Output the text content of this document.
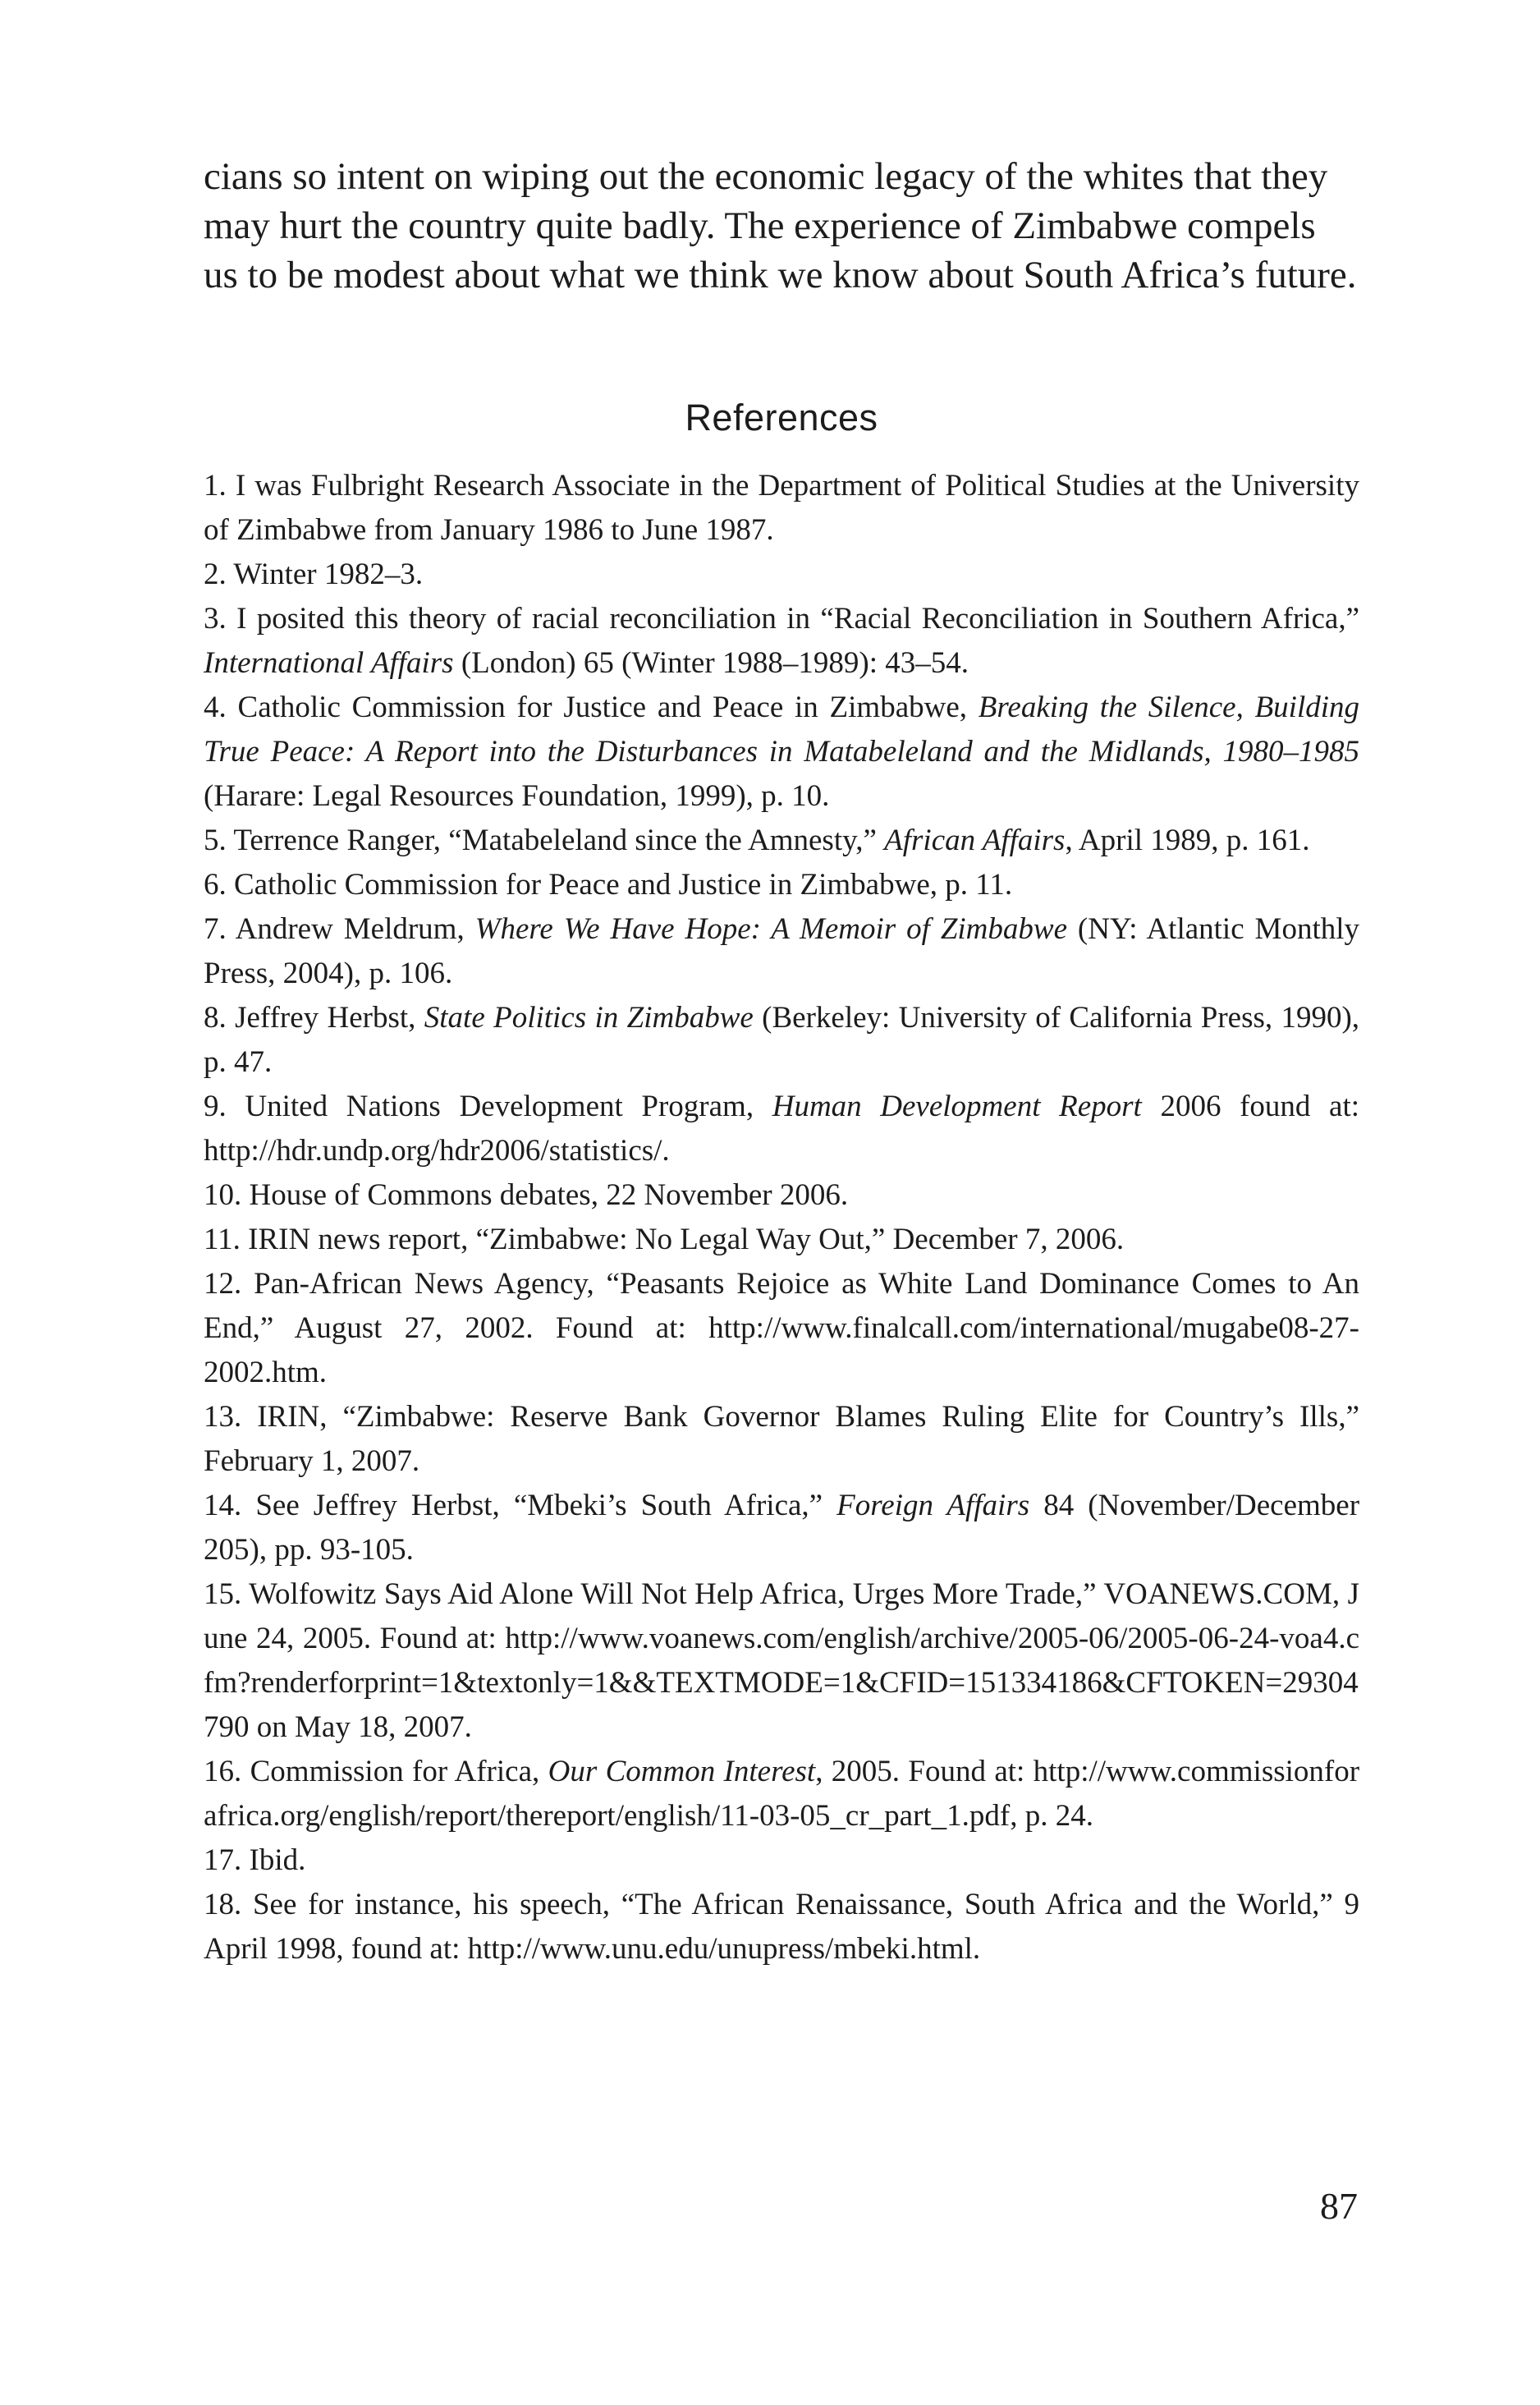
cians so intent on wiping out the economic legacy of the whites that they may hurt the country quite badly. The experience of Zimbabwe compels us to be modest about what we think we know about South Africa’s future.

References
1. I was Fulbright Research Associate in the Department of Political Studies at the University of Zimbabwe from January 1986 to June 1987.
2. Winter 1982–3.
3. I posited this theory of racial reconciliation in “Racial Reconciliation in Southern Africa,” International Affairs (London) 65 (Winter 1988–1989): 43–54.
4. Catholic Commission for Justice and Peace in Zimbabwe, Breaking the Silence, Building True Peace: A Report into the Disturbances in Matabeleland and the Midlands, 1980–1985 (Harare: Legal Resources Foundation, 1999), p. 10.
5. Terrence Ranger, “Matabeleland since the Amnesty,” African Affairs, April 1989, p. 161.
6. Catholic Commission for Peace and Justice in Zimbabwe, p. 11.
7. Andrew Meldrum, Where We Have Hope: A Memoir of Zimbabwe (NY: Atlantic Monthly Press, 2004), p. 106.
8. Jeffrey Herbst, State Politics in Zimbabwe (Berkeley: University of California Press, 1990), p. 47.
9. United Nations Development Program, Human Development Report 2006 found at: http://hdr.undp.org/hdr2006/statistics/.
10. House of Commons debates, 22 November 2006.
11. IRIN news report, “Zimbabwe: No Legal Way Out,” December 7, 2006.
12. Pan-African News Agency, “Peasants Rejoice as White Land Dominance Comes to An End,” August 27, 2002. Found at: http://www.finalcall.com/international/mugabe08-27-2002.htm.
13. IRIN, “Zimbabwe: Reserve Bank Governor Blames Ruling Elite for Country’s Ills,” February 1, 2007.
14. See Jeffrey Herbst, “Mbeki’s South Africa,” Foreign Affairs 84 (November/December 205), pp. 93-105.
15. Wolfowitz Says Aid Alone Will Not Help Africa, Urges More Trade,” VOANEWS.COM, June 24, 2005. Found at: http://www.voanews.com/english/archive/2005-06/2005-06-24-voa4.cfm?renderforprint=1&textonly=1&&TEXTMODE=1&CFID=151334186&CFTOKEN=29304790 on May 18, 2007.
16. Commission for Africa, Our Common Interest, 2005. Found at: http://www.commissionforafrica.org/english/report/thereport/english/11-03-05_cr_part_1.pdf, p. 24.
17. Ibid.
18. See for instance, his speech, “The African Renaissance, South Africa and the World,” 9 April 1998, found at: http://www.unu.edu/unupress/mbeki.html.
87
